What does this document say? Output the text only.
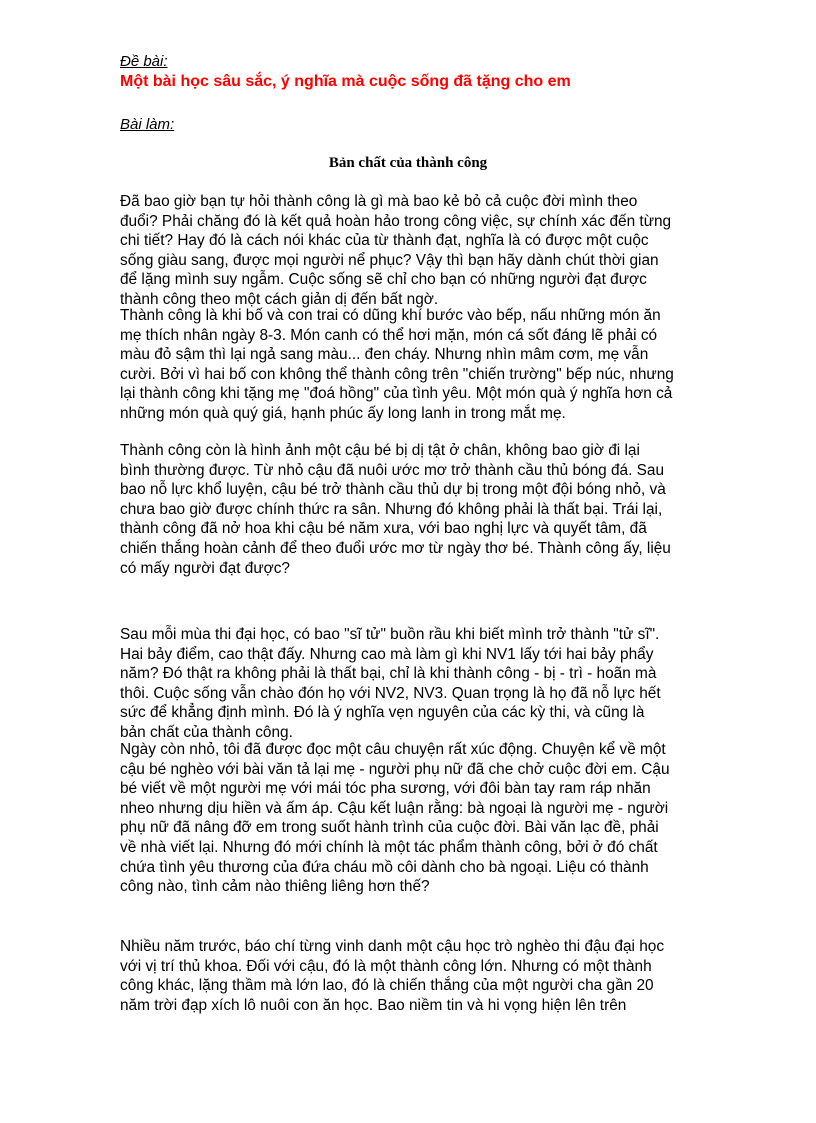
Đề bài:
Một bài học sâu sắc, ý nghĩa mà cuộc sống đã tặng cho em
Bài làm:
Bản chất của thành công
Đã bao giờ bạn tự hỏi thành công là gì mà bao kẻ bỏ cả cuộc đời mình theo
đuổi? Phải chăng đó là kết quả hoàn hảo trong công việc, sự chính xác đến từng
chi tiết? Hay đó là cách nói khác của từ thành đạt, nghĩa là có được một cuộc
sống giàu sang, được mọi người nể phục? Vậy thì bạn hãy dành chút thời gian
để lặng mình suy ngẫm. Cuộc sống sẽ chỉ cho bạn có những người đạt được
thành công theo một cách giản dị đến bất ngờ.
Thành công là khi bố và con trai có dũng khí bước vào bếp, nấu những món ăn
mẹ thích nhân ngày 8-3. Món canh có thể hơi mặn, món cá sốt đáng lẽ phải có
màu đỏ sậm thì lại ngả sang màu... đen cháy. Nhưng nhìn mâm cơm, mẹ vẫn
cười. Bởi vì hai bố con không thể thành công trên "chiến trường" bếp núc, nhưng
lại thành công khi tặng mẹ "đoá hồng" của tình yêu. Một món quà ý nghĩa hơn cả
những món quà quý giá, hạnh phúc ấy long lanh in trong mắt mẹ.
Thành công còn là hình ảnh một cậu bé bị dị tật ở chân, không bao giờ đi lại
bình thường được. Từ nhỏ cậu đã nuôi ước mơ trở thành cầu thủ bóng đá. Sau
bao nỗ lực khổ luyện, cậu bé trở thành cầu thủ dự bị trong một đội bóng nhỏ, và
chưa bao giờ được chính thức ra sân. Nhưng đó không phải là thất bại. Trái lại,
thành công đã nở hoa khi cậu bé năm xưa, với bao nghị lực và quyết tâm, đã
chiến thắng hoàn cảnh để theo đuổi ước mơ từ ngày thơ bé. Thành công ấy, liệu
có mấy người đạt được?
Sau mỗi mùa thi đại học, có bao "sĩ tử" buồn rầu khi biết mình trở thành "tử sĩ".
Hai bảy điểm, cao thật đấy. Nhưng cao mà làm gì khi NV1 lấy tới hai bảy phẩy
năm? Đó thật ra không phải là thất bại, chỉ là khi thành công - bị - trì - hoãn mà
thôi. Cuộc sống vẫn chào đón họ với NV2, NV3. Quan trọng là họ đã nỗ lực hết
sức để khẳng định mình. Đó là ý nghĩa vẹn nguyên của các kỳ thi, và cũng là
bản chất của thành công.
Ngày còn nhỏ, tôi đã được đọc một câu chuyện rất xúc động. Chuyện kể về một
cậu bé nghèo với bài văn tả lại mẹ - người phụ nữ đã che chở cuộc đời em. Cậu
bé viết về một người mẹ với mái tóc pha sương, với đôi bàn tay ram ráp nhăn
nheo nhưng dịu hiền và ấm áp. Cậu kết luận rằng: bà ngoại là người mẹ - người
phụ nữ đã nâng đỡ em trong suốt hành trình của cuộc đời. Bài văn lạc đề, phải
về nhà viết lại. Nhưng đó mới chính là một tác phẩm thành công, bởi ở đó chất
chứa tình yêu thương của đứa cháu mồ côi dành cho bà ngoại. Liệu có thành
công nào, tình cảm nào thiêng liêng hơn thế?
Nhiều năm trước, báo chí từng vinh danh một cậu học trò nghèo thi đậu đại học
với vị trí thủ khoa. Đối với cậu, đó là một thành công lớn. Nhưng có một thành
công khác, lặng thầm mà lớn lao, đó là chiến thắng của một người cha gần 20
năm trời đạp xích lô nuôi con ăn học. Bao niềm tin và hi vọng hiện lên trên
